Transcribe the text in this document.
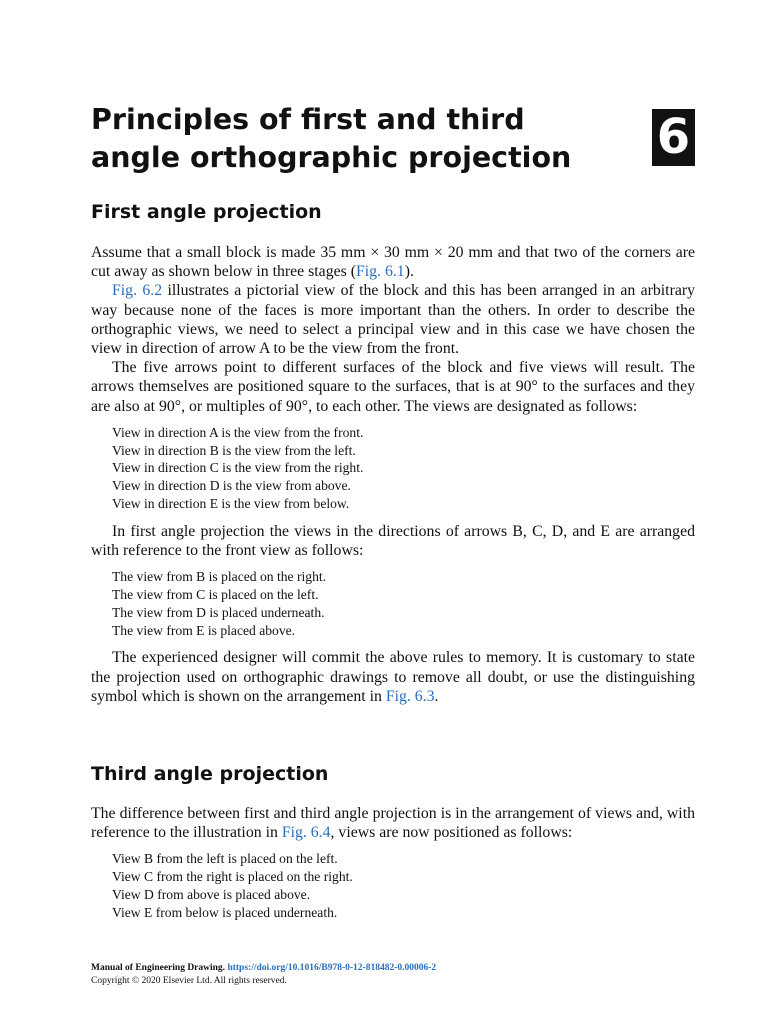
Principles of first and third angle orthographic projection	6
First angle projection

Assume that a small block is made 35 mm × 30 mm × 20 mm and that two of the corners are cut away as shown below in three stages (Fig. 6.1).

Fig. 6.2 illustrates a pictorial view of the block and this has been arranged in an arbitrary way because none of the faces is more important than the others. In order to describe the orthographic views, we need to select a principal view and in this case we have chosen the view in direction of arrow A to be the view from the front.

The five arrows point to different surfaces of the block and five views will result. The arrows themselves are positioned square to the surfaces, that is at 90° to the surfaces and they are also at 90°, or multiples of 90°, to each other. The views are designated as follows:

View in direction A is the view from the front.
View in direction B is the view from the left.
View in direction C is the view from the right.
View in direction D is the view from above.
View in direction E is the view from below.

In first angle projection the views in the directions of arrows B, C, D, and E are arranged with reference to the front view as follows:

The view from B is placed on the right.
The view from C is placed on the left.
The view from D is placed underneath.
The view from E is placed above.

The experienced designer will commit the above rules to memory. It is customary to state the projection used on orthographic drawings to remove all doubt, or use the distinguishing symbol which is shown on the arrangement in Fig. 6.3.

Third angle projection

The difference between first and third angle projection is in the arrangement of views and, with reference to the illustration in Fig. 6.4, views are now positioned as follows:

View B from the left is placed on the left.
View C from the right is placed on the right.
View D from above is placed above.
View E from below is placed underneath.
Manual of Engineering Drawing. https://doi.org/10.1016/B978-0-12-818482-0.00006-2
Copyright © 2020 Elsevier Ltd. All rights reserved.
